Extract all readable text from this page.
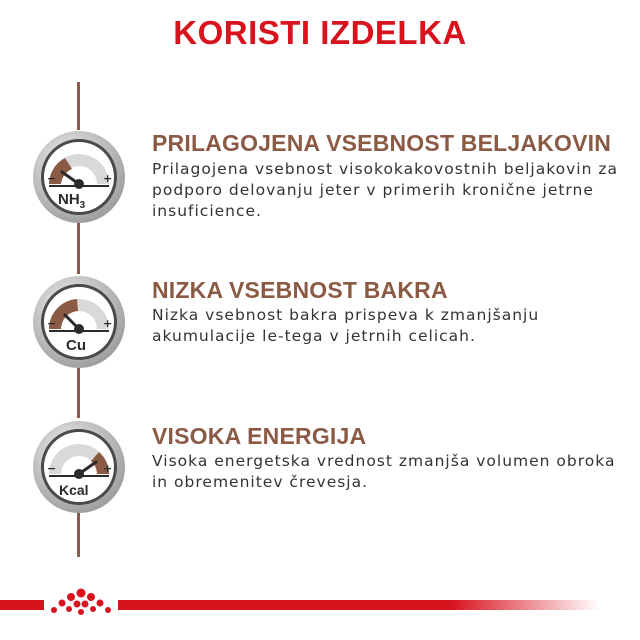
KORISTI IZDELKA
−	+
$NH_3$
PRILAGOJENA VSEBNOST BELJAKOVIN
Prilagojena vsebnost visokokakovostnih beljakovin za podporo delovanju jeter v primerih kronične jetrne insuficience.
−	+
Cu
NIZKA VSEBNOST BAKRA
Nizka vsebnost bakra prispeva k zmanjšanju akumulacije le-tega v jetrnih celicah.
−	+
Kcal
VISOKA ENERGIJA
Visoka energetska vrednost zmanjša volumen obroka in obremenitev črevesja.
